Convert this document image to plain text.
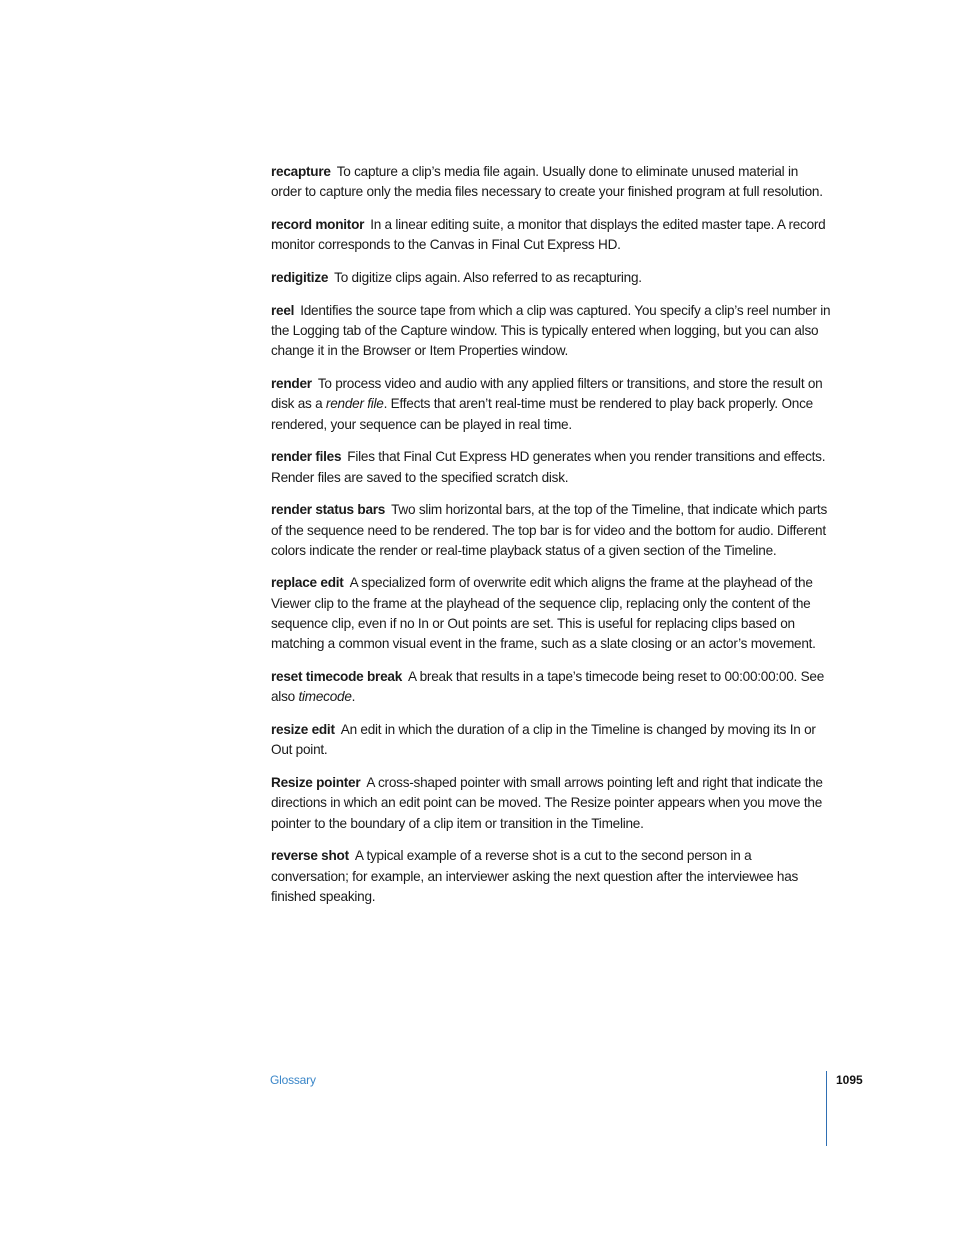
recapture To capture a clip’s media file again. Usually done to eliminate unused material in order to capture only the media files necessary to create your finished program at full resolution.

record monitor In a linear editing suite, a monitor that displays the edited master tape. A record monitor corresponds to the Canvas in Final Cut Express HD.

redigitize To digitize clips again. Also referred to as recapturing.

reel Identifies the source tape from which a clip was captured. You specify a clip’s reel number in the Logging tab of the Capture window. This is typically entered when logging, but you can also change it in the Browser or Item Properties window.

render To process video and audio with any applied filters or transitions, and store the result on disk as a render file. Effects that aren’t real-time must be rendered to play back properly. Once rendered, your sequence can be played in real time.

render files Files that Final Cut Express HD generates when you render transitions and effects. Render files are saved to the specified scratch disk.

render status bars Two slim horizontal bars, at the top of the Timeline, that indicate which parts of the sequence need to be rendered. The top bar is for video and the bottom for audio. Different colors indicate the render or real-time playback status of a given section of the Timeline.

replace edit A specialized form of overwrite edit which aligns the frame at the playhead of the Viewer clip to the frame at the playhead of the sequence clip, replacing only the content of the sequence clip, even if no In or Out points are set. This is useful for replacing clips based on matching a common visual event in the frame, such as a slate closing or an actor’s movement.

reset timecode break A break that results in a tape’s timecode being reset to 00:00:00:00. See also timecode.

resize edit An edit in which the duration of a clip in the Timeline is changed by moving its In or Out point.

Resize pointer A cross-shaped pointer with small arrows pointing left and right that indicate the directions in which an edit point can be moved. The Resize pointer appears when you move the pointer to the boundary of a clip item or transition in the Timeline.

reverse shot A typical example of a reverse shot is a cut to the second person in a conversation; for example, an interviewer asking the next question after the interviewee has finished speaking.

Glossary	1095
